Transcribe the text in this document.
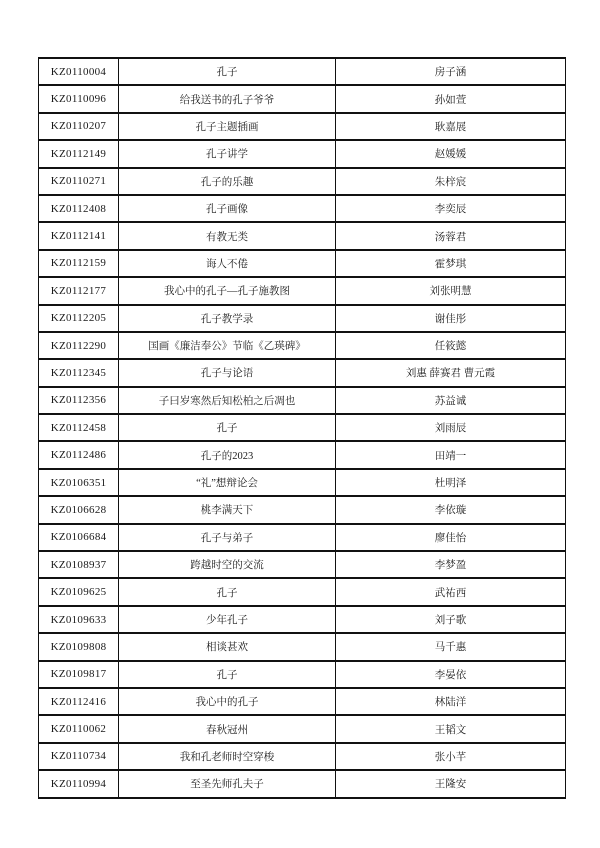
KZ0110004	孔子	房子涵
KZ0110096	给我送书的孔子爷爷	孙如萱
KZ0110207	孔子主题插画	耿嘉展
KZ0112149	孔子讲学	赵媛媛
KZ0110271	孔子的乐趣	朱梓宸
KZ0112408	孔子画像	李奕辰
KZ0112141	有教无类	汤蓉君
KZ0112159	诲人不倦	霍梦琪
KZ0112177	我心中的孔子—孔子施教图	刘张明慧
KZ0112205	孔子教学录	谢佳彤
KZ0112290	国画《廉洁奉公》节临《乙瑛碑》	任筱懿
KZ0112345	孔子与论语	刘惠 薛赛君 曹元霞
KZ0112356	子曰岁寒然后知松柏之后凋也	苏益诚
KZ0112458	孔子	刘雨辰
KZ0112486	孔子的2023	田靖一
KZ0106351	“礼”想辩论会	杜明泽
KZ0106628	桃李满天下	李依璇
KZ0106684	孔子与弟子	廖佳怡
KZ0108937	跨越时空的交流	李梦盈
KZ0109625	孔子	武祐西
KZ0109633	少年孔子	刘子歌
KZ0109808	相谈甚欢	马千惠
KZ0109817	孔子	李晏依
KZ0112416	我心中的孔子	林陆洋
KZ0110062	春秋冠州	王韬文
KZ0110734	我和孔老师时空穿梭	张小芊
KZ0110994	至圣先师孔夫子	王隆安
